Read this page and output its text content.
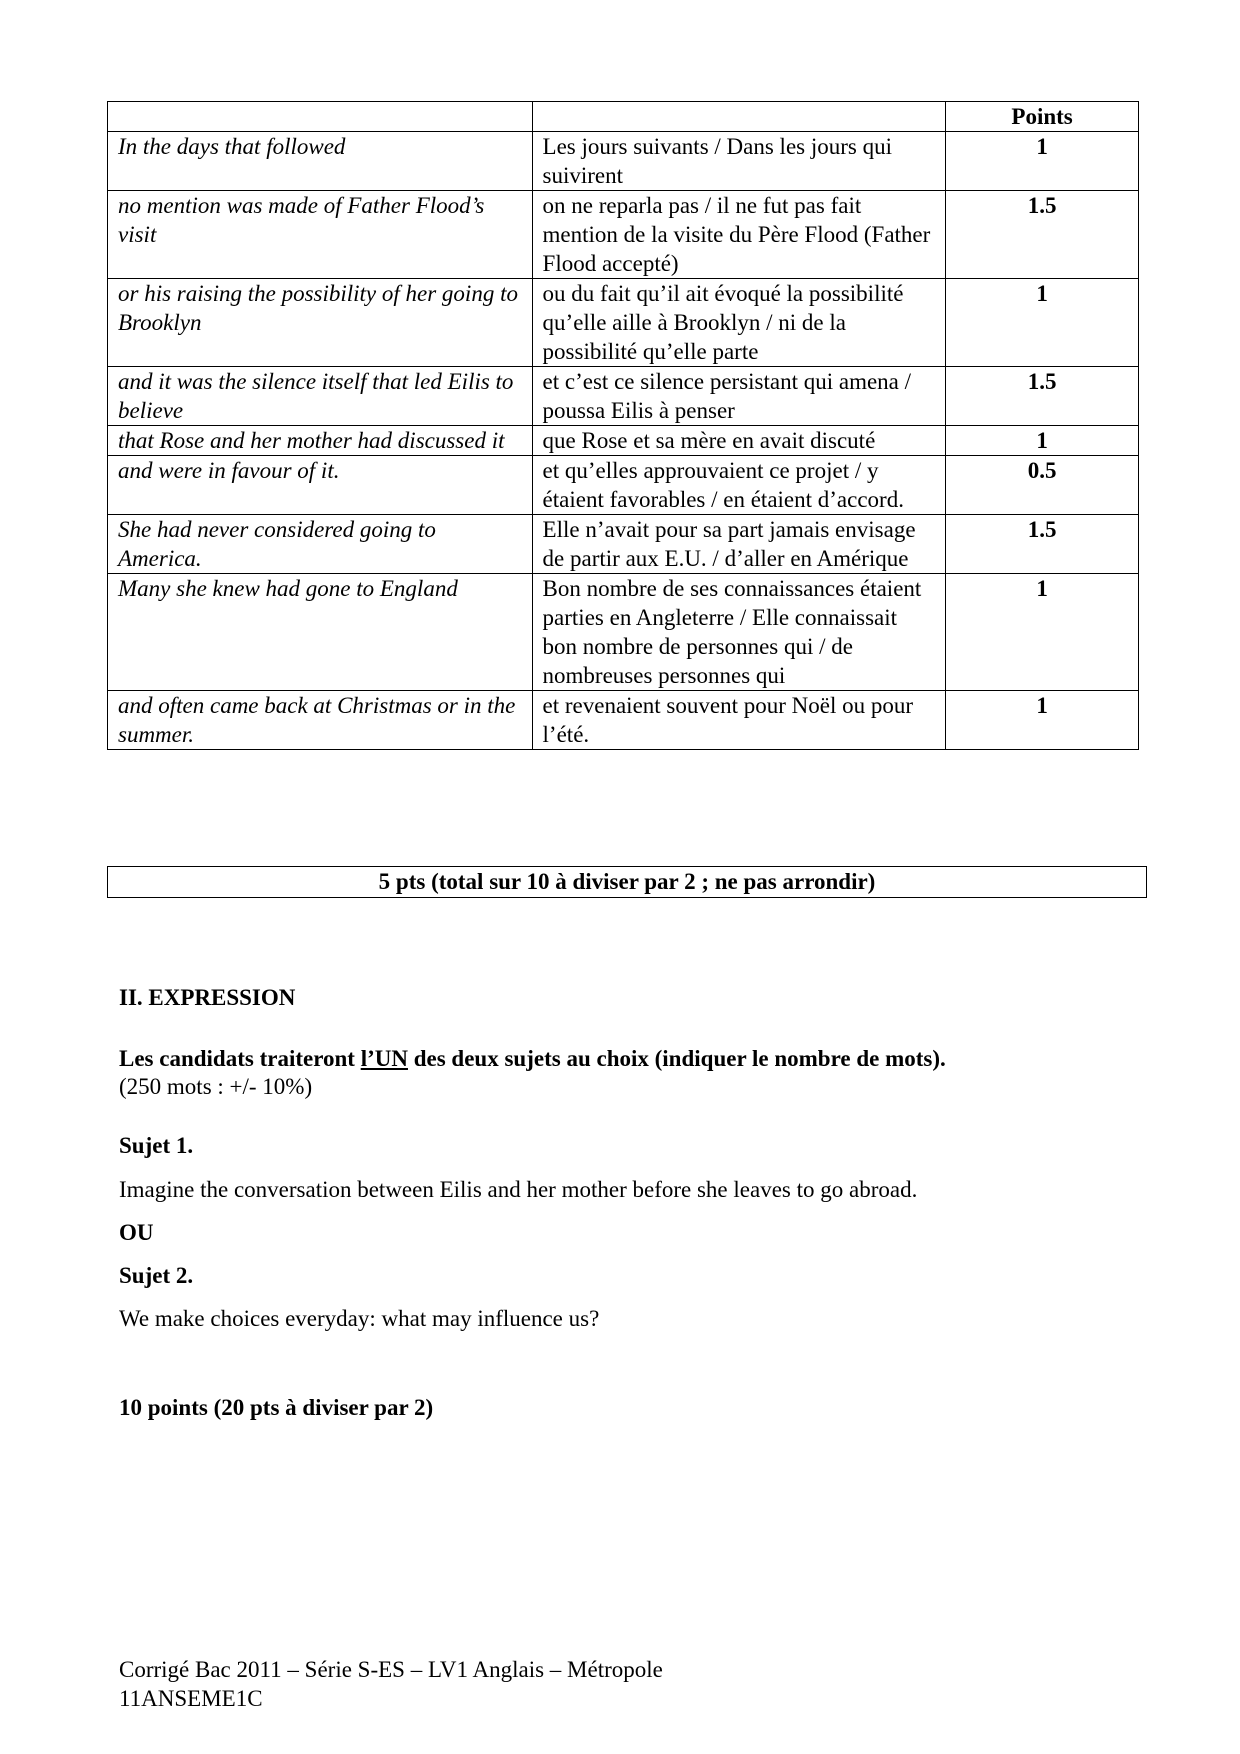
		Points
In the days that followed	Les jours suivants / Dans les jours qui suivirent	1
no mention was made of Father Flood’s visit	on ne reparla pas / il ne fut pas fait mention de la visite du Père Flood (Father Flood accepté)	1.5
or his raising the possibility of her going to Brooklyn	ou du fait qu’il ait évoqué la possibilité qu’elle aille à Brooklyn / ni de la possibilité qu’elle parte	1
and it was the silence itself that led Eilis to believe	et c’est ce silence persistant qui amena / poussa Eilis à penser	1.5
that Rose and her mother had discussed it	que Rose et sa mère en avait discuté	1
and were in favour of it.	et qu’elles approuvaient ce projet / y étaient favorables / en étaient d’accord.	0.5
She had never considered going to America.	Elle n’avait pour sa part jamais envisage de partir aux E.U. / d’aller en Amérique	1.5
Many she knew had gone to England	Bon nombre de ses connaissances étaient parties en Angleterre / Elle connaissait bon nombre de personnes qui / de nombreuses personnes qui	1
and often came back at Christmas or in the summer.	et revenaient souvent pour Noël ou pour l’été.	1
5 pts (total sur 10 à diviser par 2 ; ne pas arrondir)
II. EXPRESSION
Les candidats traiteront l’UN des deux sujets au choix (indiquer le nombre de mots).
(250 mots : +/- 10%)
Sujet 1.
Imagine the conversation between Eilis and her mother before she leaves to go abroad.
OU
Sujet 2.
We make choices everyday: what may influence us?
10 points (20 pts à diviser par 2)
Corrigé Bac 2011 – Série S-ES – LV1 Anglais – Métropole
11ANSEME1C
